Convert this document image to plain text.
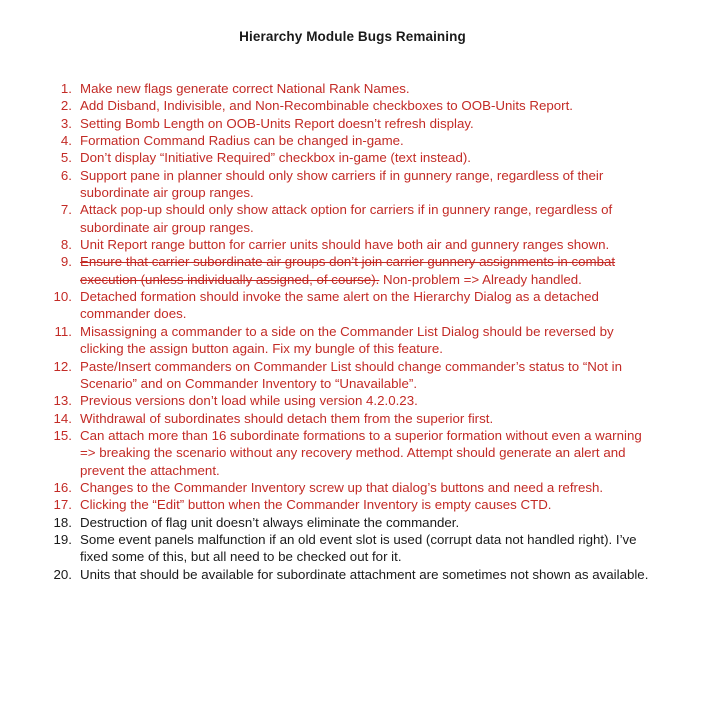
Hierarchy Module Bugs Remaining
1. Make new flags generate correct National Rank Names.
2. Add Disband, Indivisible, and Non-Recombinable checkboxes to OOB-Units Report.
3. Setting Bomb Length on OOB-Units Report doesn’t refresh display.
4. Formation Command Radius can be changed in-game.
5. Don’t display “Initiative Required” checkbox in-game (text instead).
6. Support pane in planner should only show carriers if in gunnery range, regardless of their subordinate air group ranges.
7. Attack pop-up should only show attack option for carriers if in gunnery range, regardless of subordinate air group ranges.
8. Unit Report range button for carrier units should have both air and gunnery ranges shown.
9. Ensure that carrier subordinate air groups don’t join carrier gunnery assignments in combat execution (unless individually assigned, of course). Non-problem => Already handled.
10. Detached formation should invoke the same alert on the Hierarchy Dialog as a detached commander does.
11. Misassigning a commander to a side on the Commander List Dialog should be reversed by clicking the assign button again. Fix my bungle of this feature.
12. Paste/Insert commanders on Commander List should change commander’s status to “Not in Scenario” and on Commander Inventory to “Unavailable”.
13. Previous versions don’t load while using version 4.2.0.23.
14. Withdrawal of subordinates should detach them from the superior first.
15. Can attach more than 16 subordinate formations to a superior formation without even a warning => breaking the scenario without any recovery method. Attempt should generate an alert and prevent the attachment.
16. Changes to the Commander Inventory screw up that dialog’s buttons and need a refresh.
17. Clicking the “Edit” button when the Commander Inventory is empty causes CTD.
18. Destruction of flag unit doesn’t always eliminate the commander.
19. Some event panels malfunction if an old event slot is used (corrupt data not handled right). I’ve fixed some of this, but all need to be checked out for it.
20. Units that should be available for subordinate attachment are sometimes not shown as available.
